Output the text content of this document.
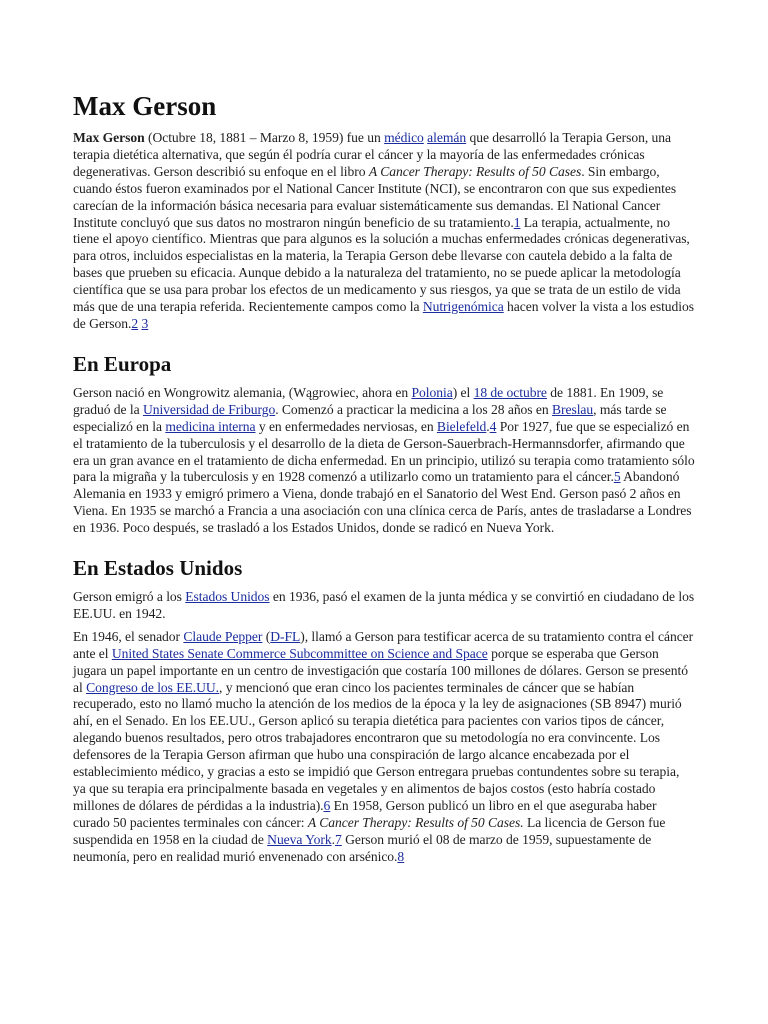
Max Gerson

Max Gerson (Octubre 18, 1881 – Marzo 8, 1959) fue un médico alemán que desarrolló la Terapia Gerson, una terapia dietética alternativa, que según él podría curar el cáncer y la mayoría de las enfermedades crónicas degenerativas. Gerson describió su enfoque en el libro A Cancer Therapy: Results of 50 Cases. Sin embargo, cuando éstos fueron examinados por el National Cancer Institute (NCI), se encontraron con que sus expedientes carecían de la información básica necesaria para evaluar sistemáticamente sus demandas. El National Cancer Institute concluyó que sus datos no mostraron ningún beneficio de su tratamiento.1 La terapia, actualmente, no tiene el apoyo científico. Mientras que para algunos es la solución a muchas enfermedades crónicas degenerativas, para otros, incluidos especialistas en la materia, la Terapia Gerson debe llevarse con cautela debido a la falta de bases que prueben su eficacia. Aunque debido a la naturaleza del tratamiento, no se puede aplicar la metodología científica que se usa para probar los efectos de un medicamento y sus riesgos, ya que se trata de un estilo de vida más que de una terapia referida. Recientemente campos como la Nutrigenómica hacen volver la vista a los estudios de Gerson.2 3

En Europa

Gerson nació en Wongrowitz alemania, (Wągrowiec, ahora en Polonia) el 18 de octubre de 1881. En 1909, se graduó de la Universidad de Friburgo. Comenzó a practicar la medicina a los 28 años en Breslau, más tarde se especializó en la medicina interna y en enfermedades nerviosas, en Bielefeld.4 Por 1927, fue que se especializó en el tratamiento de la tuberculosis y el desarrollo de la dieta de Gerson-Sauerbrach-Hermannsdorfer, afirmando que era un gran avance en el tratamiento de dicha enfermedad. En un principio, utilizó su terapia como tratamiento sólo para la migraña y la tuberculosis y en 1928 comenzó a utilizarlo como un tratamiento para el cáncer.5 Abandonó Alemania en 1933 y emigró primero a Viena, donde trabajó en el Sanatorio del West End. Gerson pasó 2 años en Viena. En 1935 se marchó a Francia a una asociación con una clínica cerca de París, antes de trasladarse a Londres en 1936. Poco después, se trasladó a los Estados Unidos, donde se radicó en Nueva York.

En Estados Unidos

Gerson emigró a los Estados Unidos en 1936, pasó el examen de la junta médica y se convirtió en ciudadano de los EE.UU. en 1942.

En 1946, el senador Claude Pepper (D-FL), llamó a Gerson para testificar acerca de su tratamiento contra el cáncer ante el United States Senate Commerce Subcommittee on Science and Space porque se esperaba que Gerson jugara un papel importante en un centro de investigación que costaría 100 millones de dólares. Gerson se presentó al Congreso de los EE.UU., y mencionó que eran cinco los pacientes terminales de cáncer que se habían recuperado, esto no llamó mucho la atención de los medios de la época y la ley de asignaciones (SB 8947) murió ahí, en el Senado. En los EE.UU., Gerson aplicó su terapia dietética para pacientes con varios tipos de cáncer, alegando buenos resultados, pero otros trabajadores encontraron que su metodología no era convincente. Los defensores de la Terapia Gerson afirman que hubo una conspiración de largo alcance encabezada por el establecimiento médico, y gracias a esto se impidió que Gerson entregara pruebas contundentes sobre su terapia, ya que su terapia era principalmente basada en vegetales y en alimentos de bajos costos (esto habría costado millones de dólares de pérdidas a la industria).6 En 1958, Gerson publicó un libro en el que aseguraba haber curado 50 pacientes terminales con cáncer: A Cancer Therapy: Results of 50 Cases. La licencia de Gerson fue suspendida en 1958 en la ciudad de Nueva York.7 Gerson murió el 08 de marzo de 1959, supuestamente de neumonía, pero en realidad murió envenenado con arsénico.8
